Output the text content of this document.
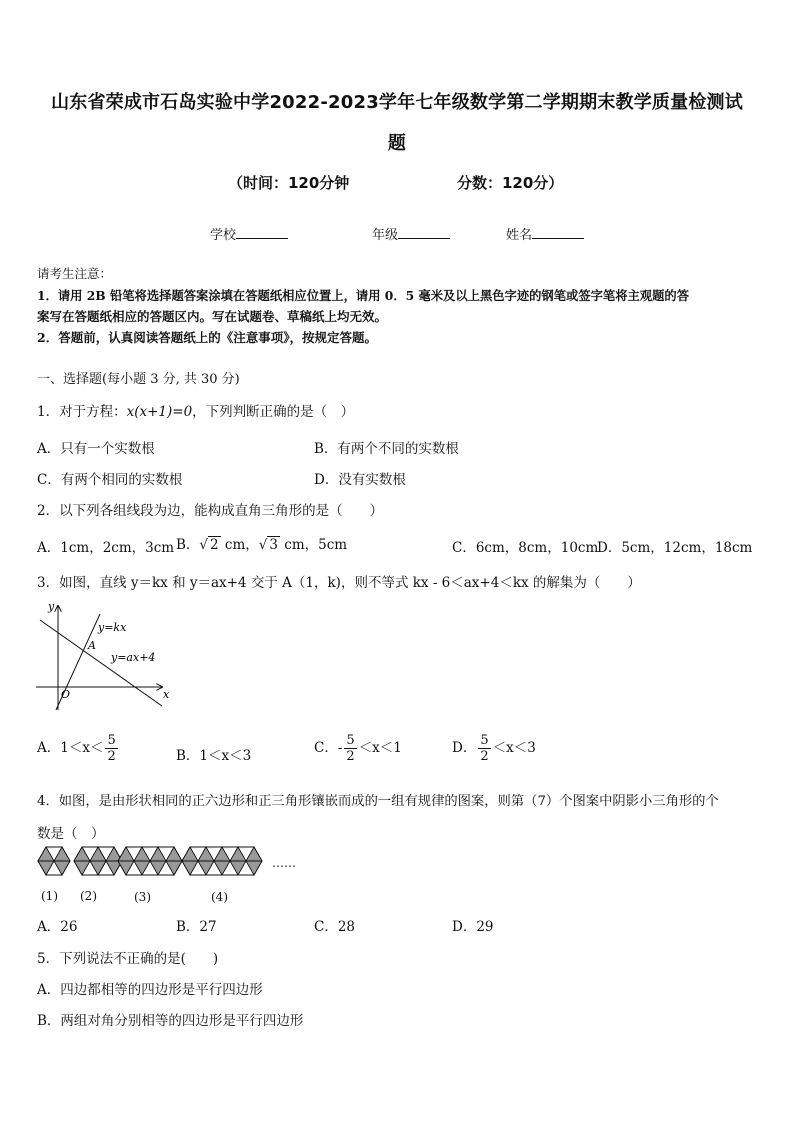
山东省荣成市石岛实验中学2022-2023学年七年级数学第二学期期末教学质量检测试
题
（时间：120分钟	分数：120分）
学校	年级	姓名
请考生注意：
1．请用 2B 铅笔将选择题答案涂填在答题纸相应位置上，请用 0．5 毫米及以上黑色字迹的钢笔或签字笔将主观题的答
案写在答题纸相应的答题区内。写在试题卷、草稿纸上均无效。
2．答题前，认真阅读答题纸上的《注意事项》，按规定答题。
一、选择题(每小题 3 分, 共 30 分)
1．对于方程：x(x+1)=0，下列判断正确的是（　）
A．只有一个实数根	B．有两个不同的实数根
C．有两个相同的实数根	D．没有实数根
2．以下列各组线段为边，能构成直角三角形的是（　　）
A．1cm，2cm，3cm B．√ 2 cm，√ 3 cm，5cm	C．6cm，8cm，10cm
D．5cm，12cm，18cm
3．如图，直线 y＝kx 和 y＝ax+4 交于 A（1，k)，则不等式 kx - 6＜ax+4＜kx 的解集为（　　）
y
x
O
A
y=kx
y=ax+4
A．$1<x< \frac{5}{2}$	B．1＜x＜3	C．- $\frac{5}{2} <x<1$	D． $\frac{5}{2} <x<3$
4．如图，是由形状相同的正六边形和正三角形镶嵌而成的一组有规律的图案，则第（7）个图案中阴影小三角形的个
数是（　）
……
(1) (2)	(3)	(4)
A．26	B．27	C．28	D．29
5．下列说法不正确的是(　　)
A．四边都相等的四边形是平行四边形
B．两组对角分别相等的四边形是平行四边形
